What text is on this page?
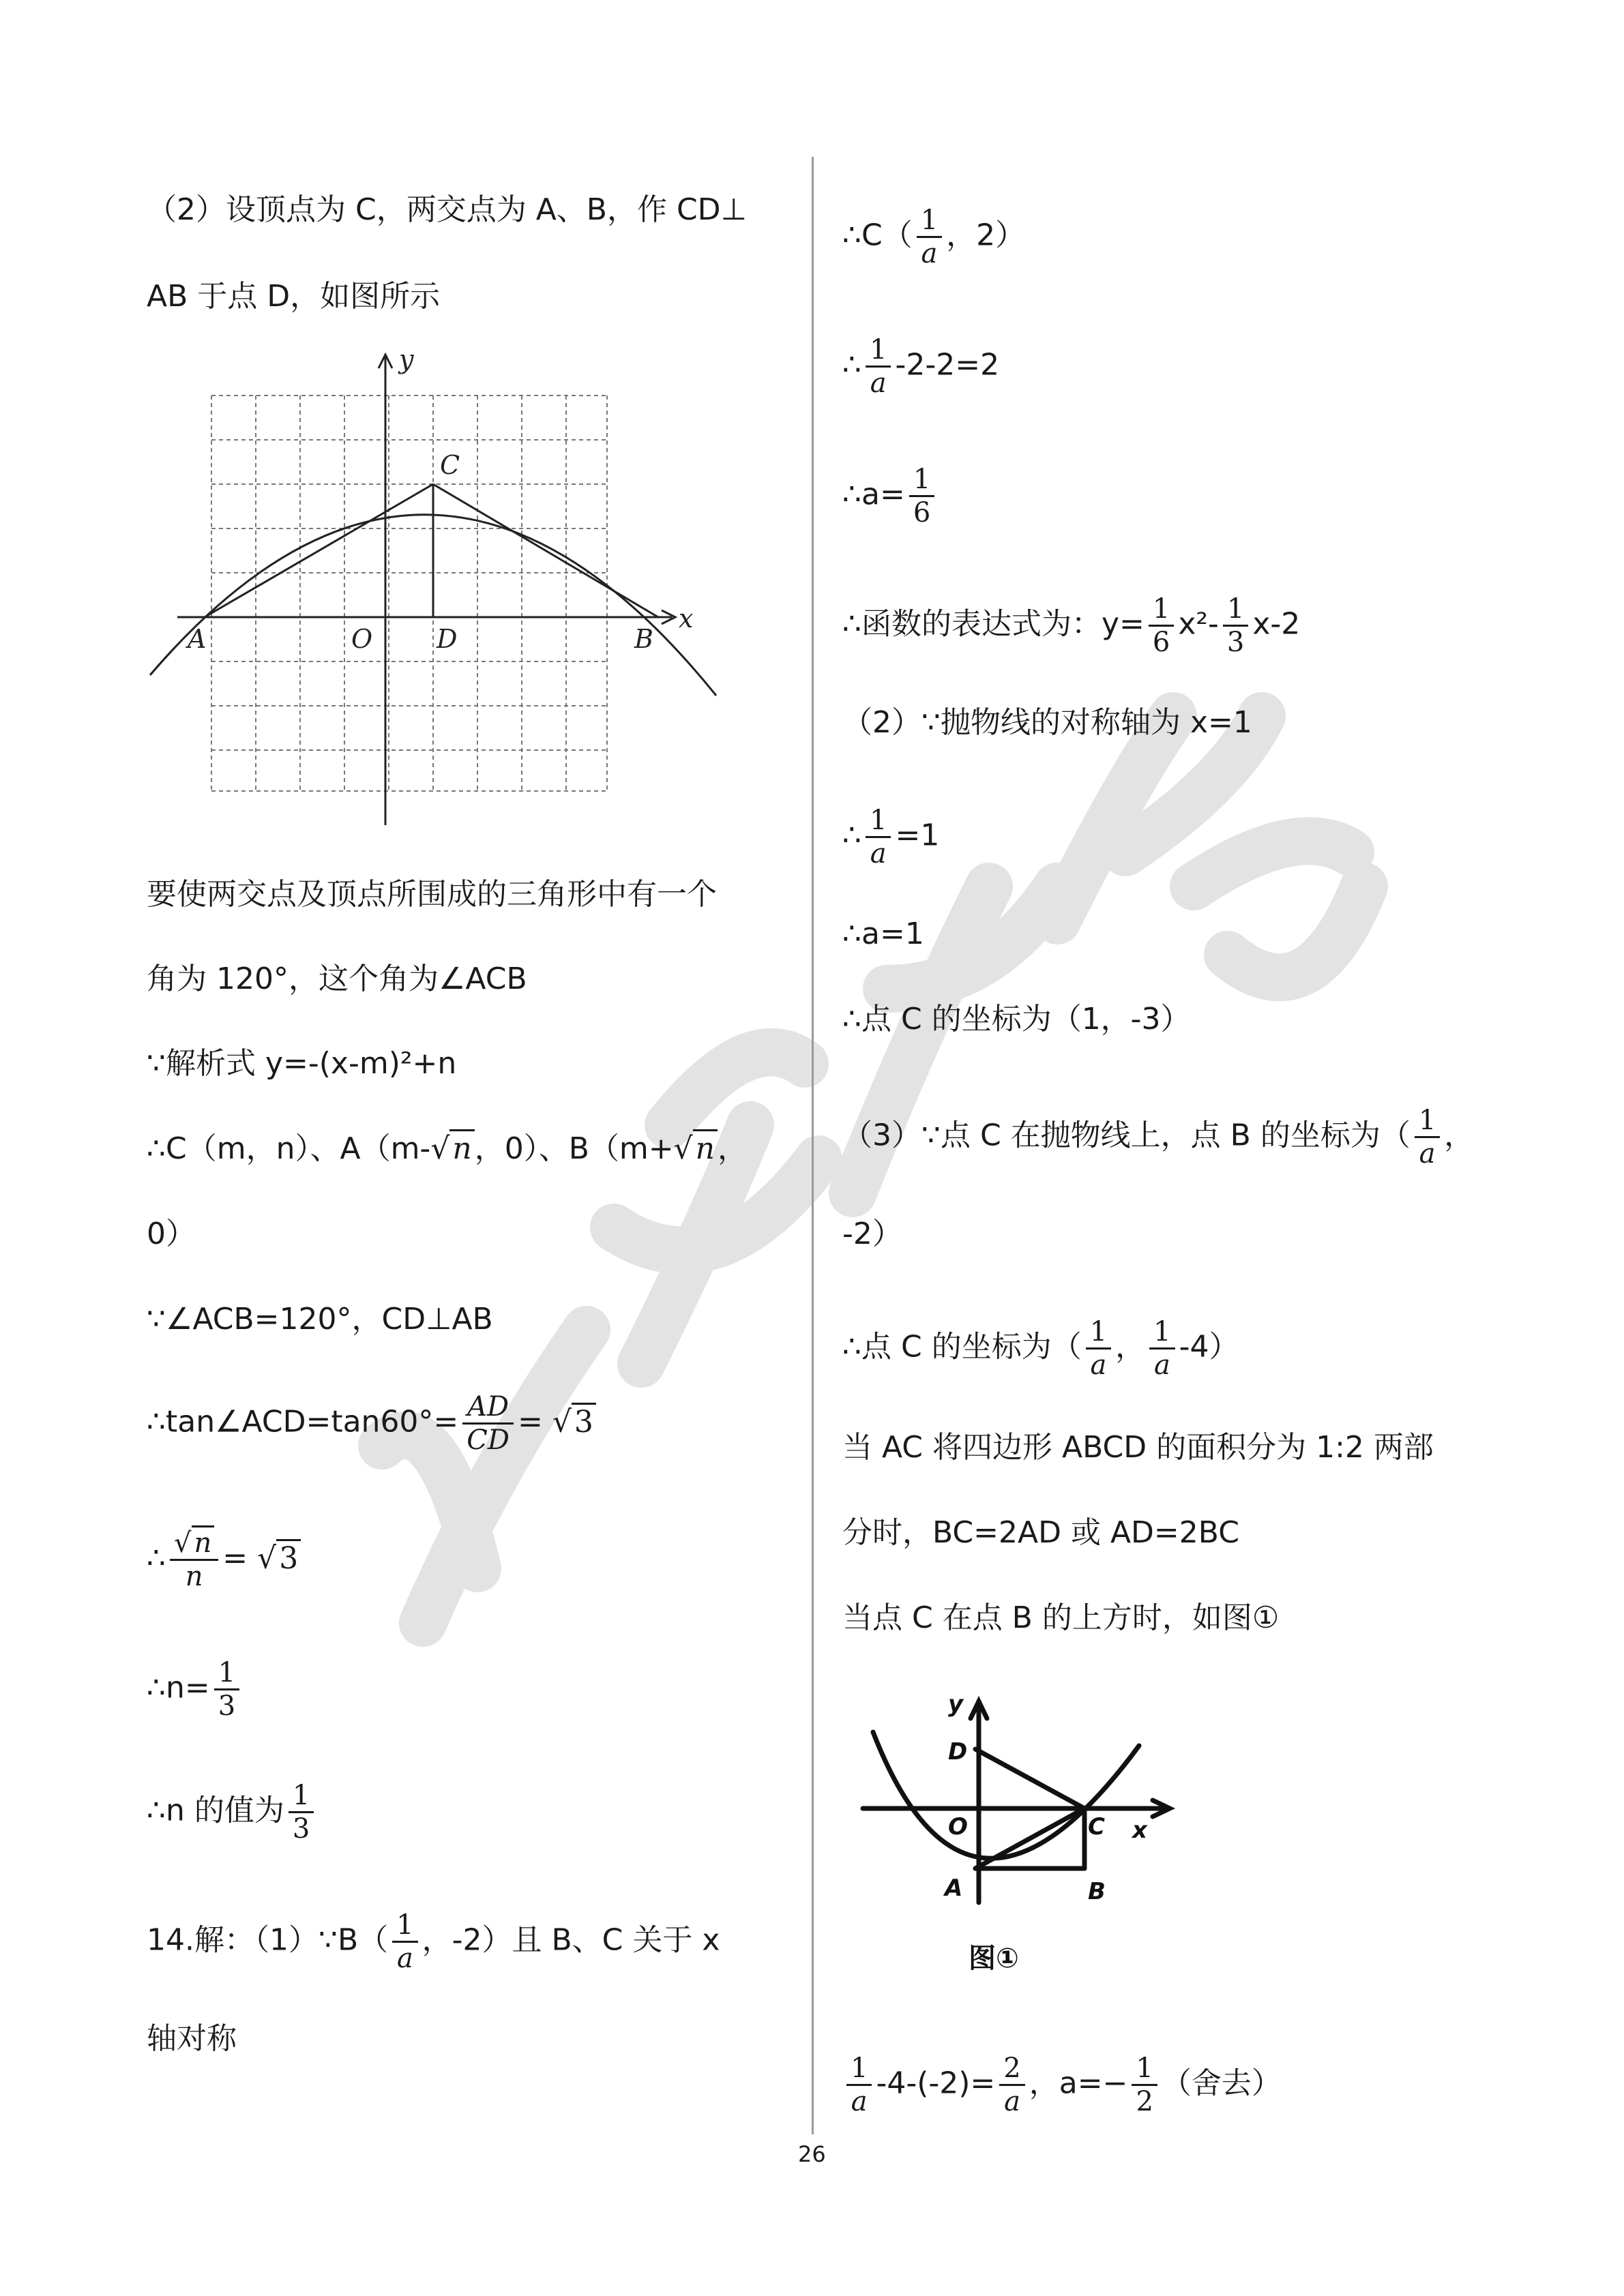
（2）设顶点为 C，两交点为 A、B，作 CD⊥
AB 于点 D，如图所示
y
x
C
A	O D	B
要使两交点及顶点所围成的三角形中有一个
角为 120°，这个角为∠ACB
∵解析式 y=-(x-m)²+n
∴C（m，n）、A（m-√n，0）、B（m+√n，
0）
∵∠ACB=120°，CD⊥AB
∴tan∠ACD=tan60°= $\frac{AD}{CD} = √3$
∴ $\frac{√ n}{n} = √3$
∴n= $\frac{1}{3}$
∴n 的值为 $\frac{1}{3}$
14.解：（1）∵B（ $\frac{1}{a}$ ，-2）且 B、C 关于 x
轴对称
∴C（ $\frac{1}{a}$ ，2）
∴ $\frac{1}{a} -2-2=2$
∴a= $\frac{1}{6}$
∴函数的表达式为：$y= \frac{1}{6} x^2- \frac{1}{3} x-2$
（2）∵抛物线的对称轴为 x=1
∴ $\frac{1}{a} =1$
∴a=1
∴点 C 的坐标为（1，-3）
（3）∵点 C 在抛物线上，点 B 的坐标为（ $\frac{1}{a}$ ，
-2）
∴点 C 的坐标为（ $\frac{1}{a}$ ， $\frac{1}{a} -4$）
当 AC 将四边形 ABCD 的面积分为 1:2 两部
分时，BC=2AD 或 AD=2BC
当点 C 在点 B 的上方时，如图①
y
x
D
O	C
A	B
图①
$\frac{1}{a} -4-(-2)= \frac{2}{a}$ ，$a=- \frac{1}{2}$ （舍去）
26
